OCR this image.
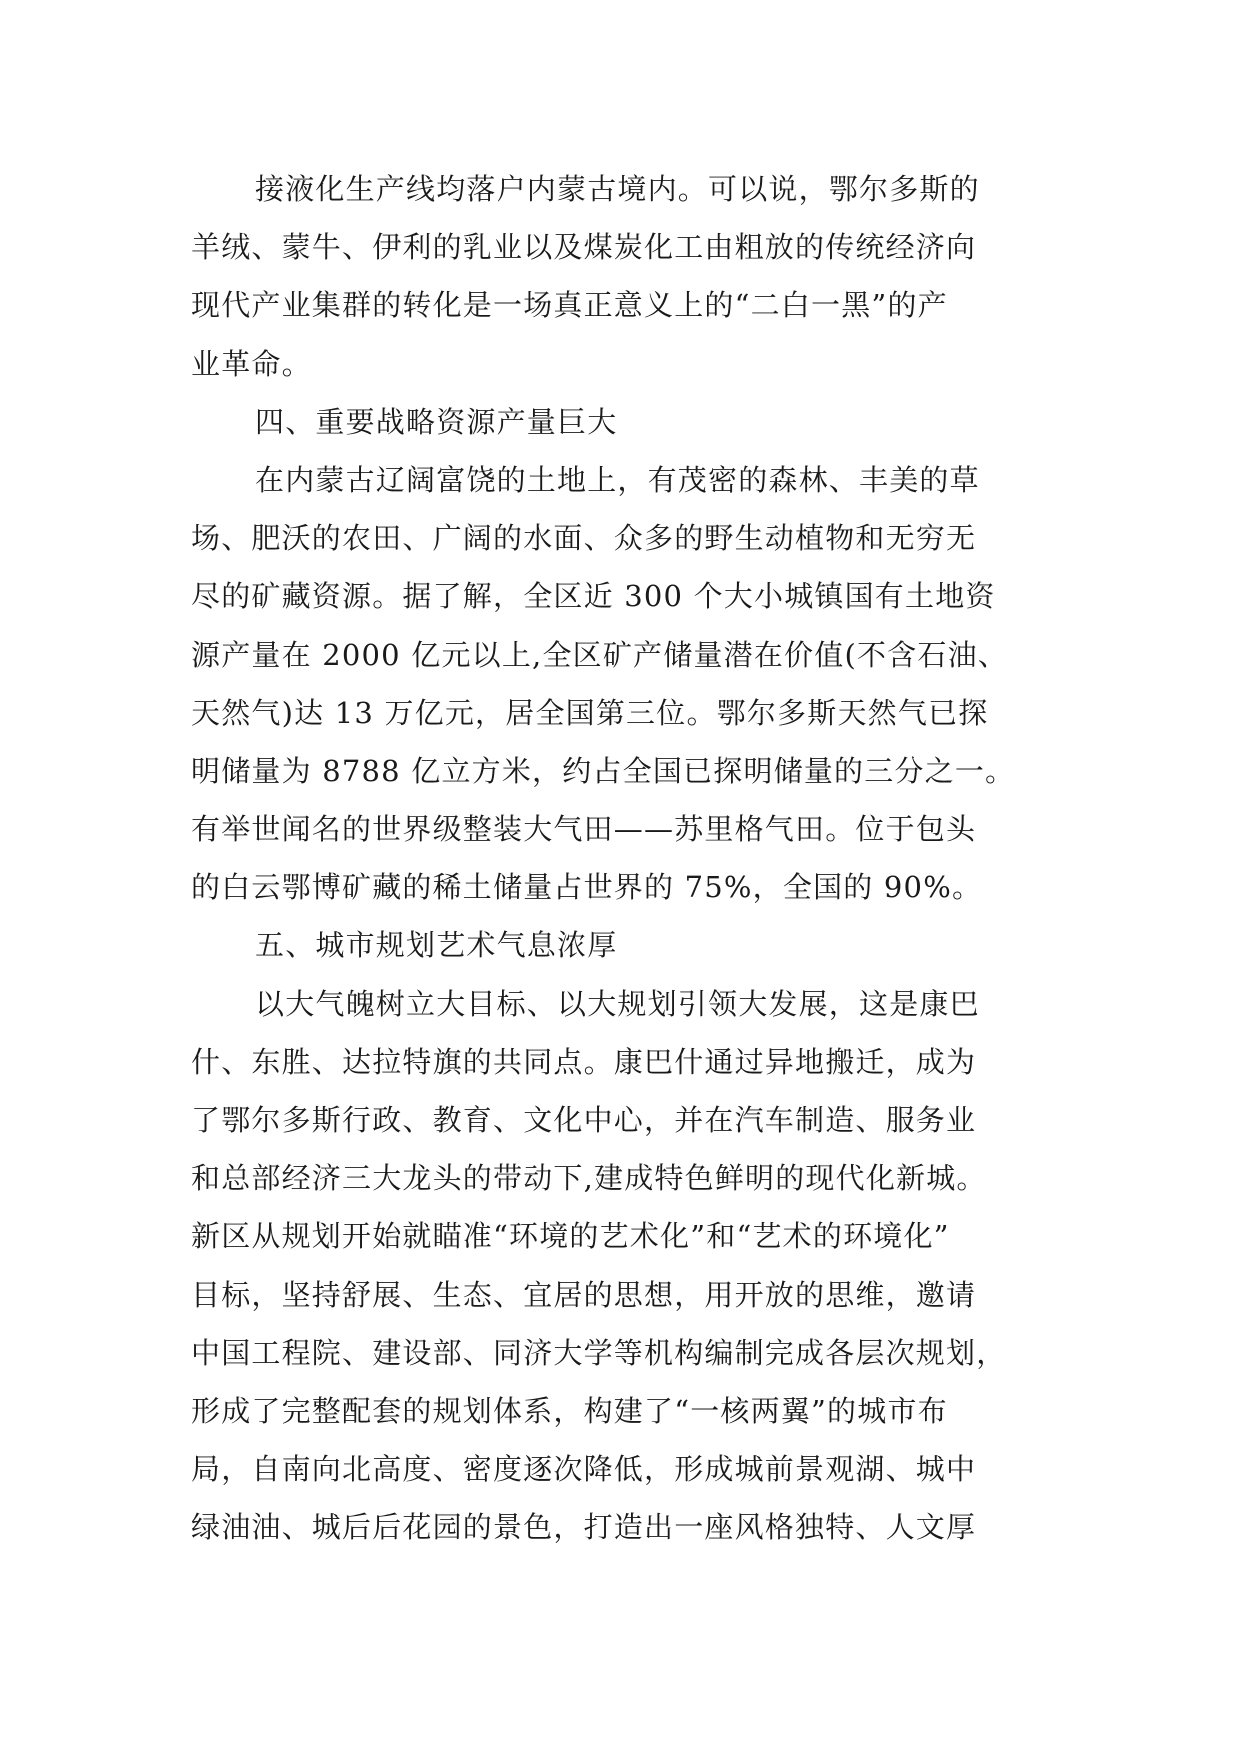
接液化生产线均落户内蒙古境内。可以说，鄂尔多斯的
羊绒、蒙牛、伊利的乳业以及煤炭化工由粗放的传统经济向
现代产业集群的转化是一场真正意义上的“二白一黑”的产
业革命。
四、重要战略资源产量巨大
在内蒙古辽阔富饶的土地上，有茂密的森林、丰美的草
场、肥沃的农田、广阔的水面、众多的野生动植物和无穷无
尽的矿藏资源。据了解，全区近 300 个大小城镇国有土地资
源产量在 2000 亿元以上,全区矿产储量潜在价值(不含石油、
天然气)达 13 万亿元，居全国第三位。鄂尔多斯天然气已探
明储量为 8788 亿立方米，约占全国已探明储量的三分之一。
有举世闻名的世界级整装大气田——苏里格气田。位于包头
的白云鄂博矿藏的稀土储量占世界的 75%，全国的 90%。
五、城市规划艺术气息浓厚
以大气魄树立大目标、以大规划引领大发展，这是康巴
什、东胜、达拉特旗的共同点。康巴什通过异地搬迁，成为
了鄂尔多斯行政、教育、文化中心，并在汽车制造、服务业
和总部经济三大龙头的带动下,建成特色鲜明的现代化新城。
新区从规划开始就瞄准“环境的艺术化”和“艺术的环境化”
目标，坚持舒展、生态、宜居的思想，用开放的思维，邀请
中国工程院、建设部、同济大学等机构编制完成各层次规划，
形成了完整配套的规划体系，构建了“一核两翼”的城市布
局，自南向北高度、密度逐次降低，形成城前景观湖、城中
绿油油、城后后花园的景色，打造出一座风格独特、人文厚
